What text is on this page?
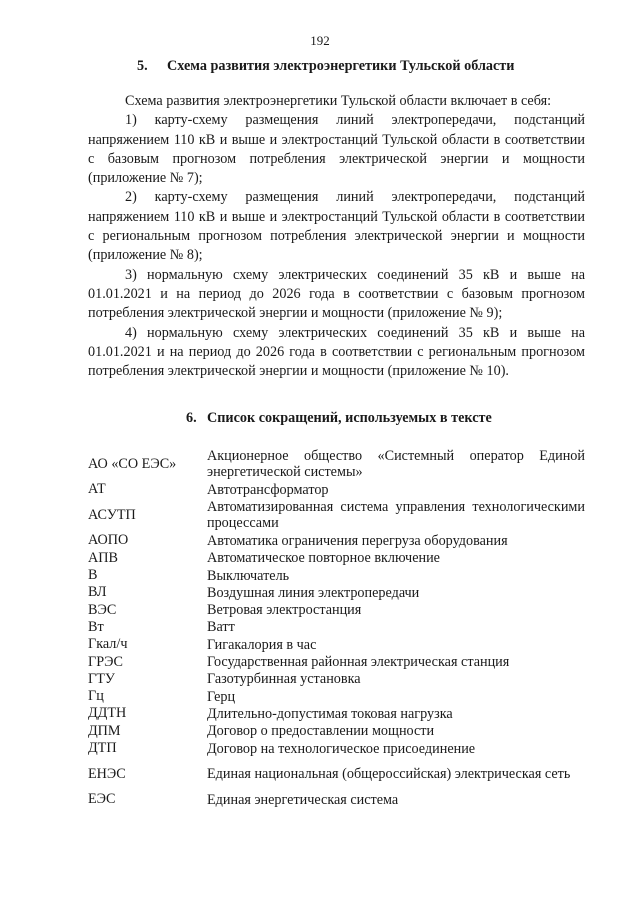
192
5. Схема развития электроэнергетики Тульской области

Схема развития электроэнергетики Тульской области включает в себя:

1) карту-схему размещения линий электропередачи, подстанций напряжением 110 кВ и выше и электростанций Тульской области в соответствии с базовым прогнозом потребления электрической энергии и мощности (приложение № 7);

2) карту-схему размещения линий электропередачи, подстанций напряжением 110 кВ и выше и электростанций Тульской области в соответствии с региональным прогнозом потребления электрической энергии и мощности (приложение № 8);

3) нормальную схему электрических соединений 35 кВ и выше на 01.01.2021 и на период до 2026 года в соответствии с базовым прогнозом потребления электрической энергии и мощности (приложение № 9);

4) нормальную схему электрических соединений 35 кВ и выше на 01.01.2021 и на период до 2026 года в соответствии с региональным прогнозом потребления электрической энергии и мощности (приложение № 10).

6. Список сокращений, используемых в тексте
АО «СО ЕЭС»	Акционерное общество «Системный оператор Единой энергетической системы»
АТ	Автотрансформатор
АСУТП	Автоматизированная система управления технологическими процессами
АОПО	Автоматика ограничения перегруза оборудования
АПВ	Автоматическое повторное включение
В	Выключатель
ВЛ	Воздушная линия электропередачи
ВЭС	Ветровая электростанция
Вт	Ватт
Гкал/ч	Гигакалория в час
ГРЭС	Государственная районная электрическая станция
ГТУ	Газотурбинная установка
Гц	Герц
ДДТН	Длительно-допустимая токовая нагрузка
ДПМ	Договор о предоставлении мощности
ДТП	Договор на технологическое присоединение
ЕНЭС	Единая национальная (общероссийская) электрическая сеть
ЕЭС	Единая энергетическая система
